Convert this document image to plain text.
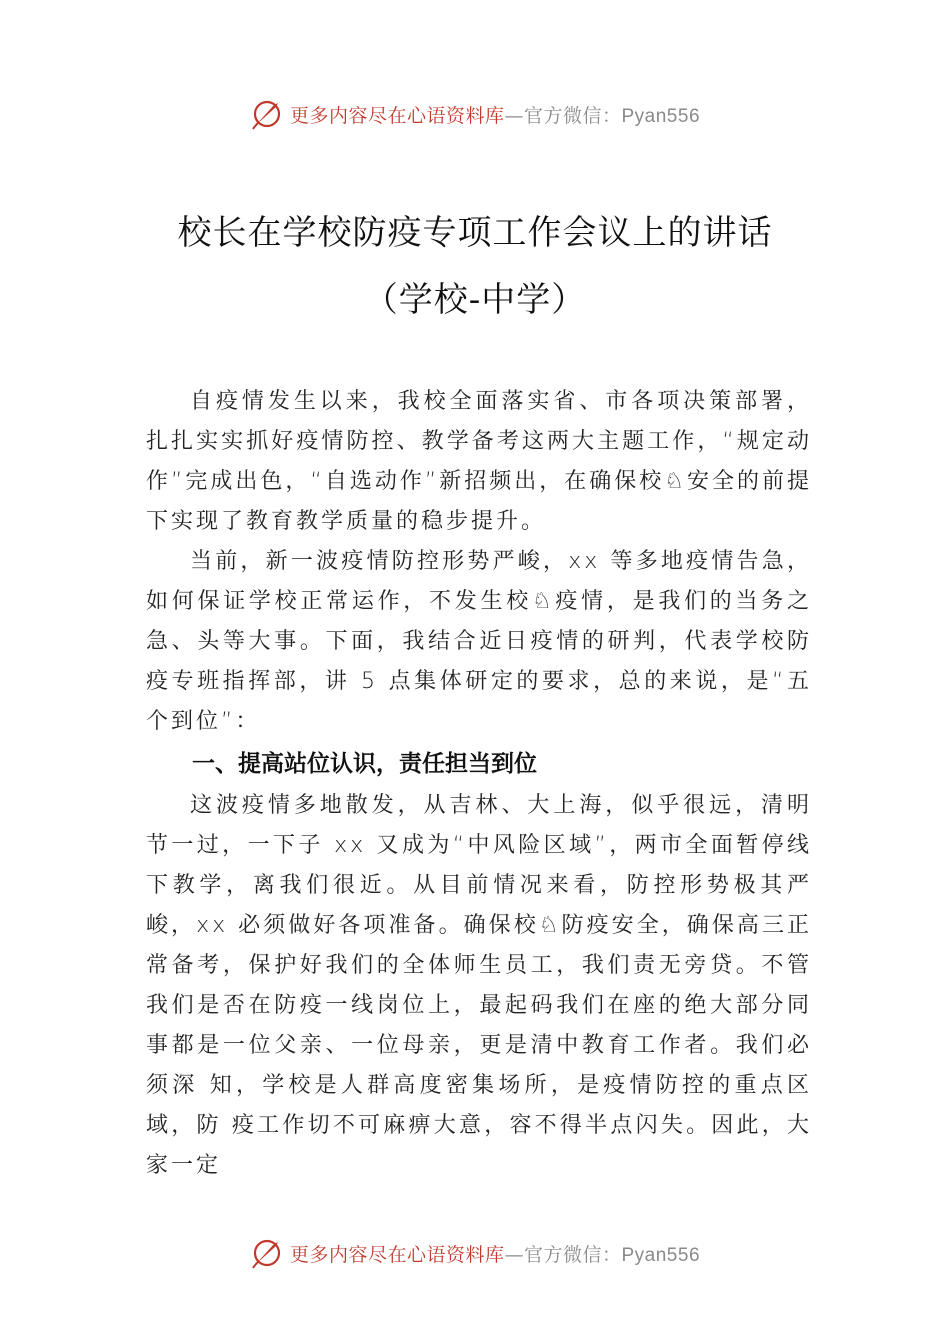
更多内容尽在心语资料库—官方微信：Pyan556
校长在学校防疫专项工作会议上的讲话
（学校-中学）

自疫情发生以来，我校全面落实省、市各项决策部署，扎扎实实抓好疫情防控、教学备考这两大主题工作，“规定动作”完成出色，“自选动作”新招频出，在确保校♘安全的前提下实现了教育教学质量的稳步提升。

当前，新一波疫情防控形势严峻，xx 等多地疫情告急，如何保证学校正常运作，不发生校♘疫情，是我们的当务之急、头等大事。下面，我结合近日疫情的研判，代表学校防疫专班指挥部，讲 5 点集体研定的要求，总的来说，是“五个到位”：

一、提高站位认识，责任担当到位

这波疫情多地散发，从吉林、大上海，似乎很远，清明节一过，一下子 xx 又成为“中风险区域”，两市全面暂停线下教学，离我们很近。从目前情况来看，防控形势极其严峻，xx 必须做好各项准备。确保校♘防疫安全，确保高三正常备考，保护好我们的全体师生员工，我们责无旁贷。不管我们是否在防疫一线岗位上，最起码我们在座的绝大部分同事都是一位父亲、一位母亲，更是清中教育工作者。我们必须深 知，学校是人群高度密集场所，是疫情防控的重点区域，防 疫工作切不可麻痹大意，容不得半点闪失。因此，大家一定

更多内容尽在心语资料库—官方微信：Pyan556
